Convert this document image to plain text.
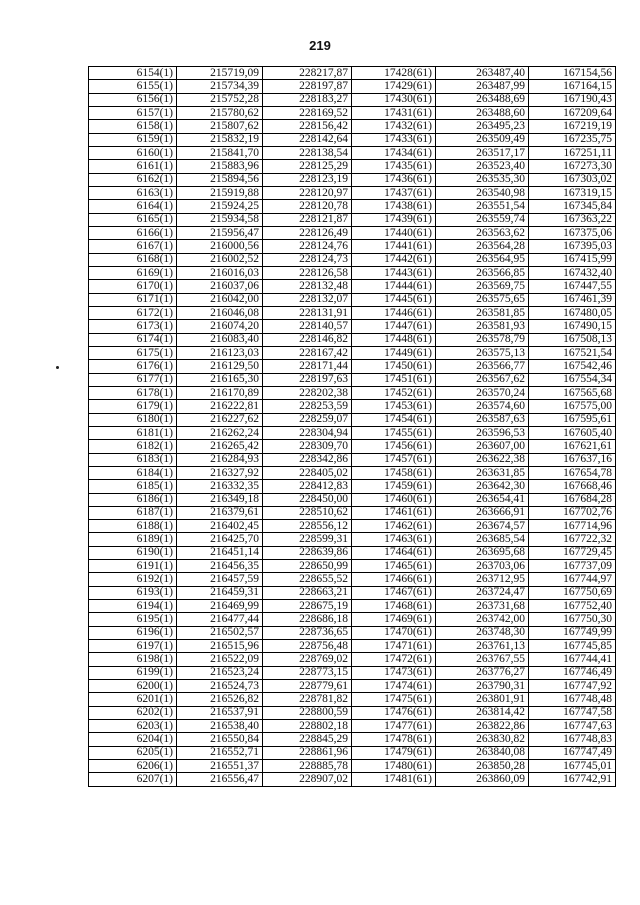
219
6154(1)	215719,09	228217,87	17428(61)	263487,40	167154,56
6155(1)	215734,39	228197,87	17429(61)	263487,99	167164,15
6156(1)	215752,28	228183,27	17430(61)	263488,69	167190,43
6157(1)	215780,62	228169,52	17431(61)	263488,60	167209,64
6158(1)	215807,62	228156,42	17432(61)	263495,23	167219,19
6159(1)	215832,19	228142,64	17433(61)	263509,49	167235,75
6160(1)	215841,70	228138,54	17434(61)	263517,17	167251,11
6161(1)	215883,96	228125,29	17435(61)	263523,40	167273,30
6162(1)	215894,56	228123,19	17436(61)	263535,30	167303,02
6163(1)	215919,88	228120,97	17437(61)	263540,98	167319,15
6164(1)	215924,25	228120,78	17438(61)	263551,54	167345,84
6165(1)	215934,58	228121,87	17439(61)	263559,74	167363,22
6166(1)	215956,47	228126,49	17440(61)	263563,62	167375,06
6167(1)	216000,56	228124,76	17441(61)	263564,28	167395,03
6168(1)	216002,52	228124,73	17442(61)	263564,95	167415,99
6169(1)	216016,03	228126,58	17443(61)	263566,85	167432,40
6170(1)	216037,06	228132,48	17444(61)	263569,75	167447,55
6171(1)	216042,00	228132,07	17445(61)	263575,65	167461,39
6172(1)	216046,08	228131,91	17446(61)	263581,85	167480,05
6173(1)	216074,20	228140,57	17447(61)	263581,93	167490,15
6174(1)	216083,40	228146,82	17448(61)	263578,79	167508,13
6175(1)	216123,03	228167,42	17449(61)	263575,13	167521,54
6176(1)	216129,50	228171,44	17450(61)	263566,77	167542,46
6177(1)	216165,30	228197,63	17451(61)	263567,62	167554,34
6178(1)	216170,89	228202,38	17452(61)	263570,24	167565,68
6179(1)	216222,81	228253,59	17453(61)	263574,60	167575,00
6180(1)	216227,62	228259,07	17454(61)	263587,63	167595,61
6181(1)	216262,24	228304,94	17455(61)	263596,53	167605,40
6182(1)	216265,42	228309,70	17456(61)	263607,00	167621,61
6183(1)	216284,93	228342,86	17457(61)	263622,38	167637,16
6184(1)	216327,92	228405,02	17458(61)	263631,85	167654,78
6185(1)	216332,35	228412,83	17459(61)	263642,30	167668,46
6186(1)	216349,18	228450,00	17460(61)	263654,41	167684,28
6187(1)	216379,61	228510,62	17461(61)	263666,91	167702,76
6188(1)	216402,45	228556,12	17462(61)	263674,57	167714,96
6189(1)	216425,70	228599,31	17463(61)	263685,54	167722,32
6190(1)	216451,14	228639,86	17464(61)	263695,68	167729,45
6191(1)	216456,35	228650,99	17465(61)	263703,06	167737,09
6192(1)	216457,59	228655,52	17466(61)	263712,95	167744,97
6193(1)	216459,31	228663,21	17467(61)	263724,47	167750,69
6194(1)	216469,99	228675,19	17468(61)	263731,68	167752,40
6195(1)	216477,44	228686,18	17469(61)	263742,00	167750,30
6196(1)	216502,57	228736,65	17470(61)	263748,30	167749,99
6197(1)	216515,96	228756,48	17471(61)	263761,13	167745,85
6198(1)	216522,09	228769,02	17472(61)	263767,55	167744,41
6199(1)	216523,24	228773,15	17473(61)	263776,27	167746,49
6200(1)	216524,73	228779,61	17474(61)	263790,31	167747,92
6201(1)	216526,82	228781,82	17475(61)	263801,91	167748,48
6202(1)	216537,91	228800,59	17476(61)	263814,42	167747,58
6203(1)	216538,40	228802,18	17477(61)	263822,86	167747,63
6204(1)	216550,84	228845,29	17478(61)	263830,82	167748,83
6205(1)	216552,71	228861,96	17479(61)	263840,08	167747,49
6206(1)	216551,37	228885,78	17480(61)	263850,28	167745,01
6207(1)	216556,47	228907,02	17481(61)	263860,09	167742,91
